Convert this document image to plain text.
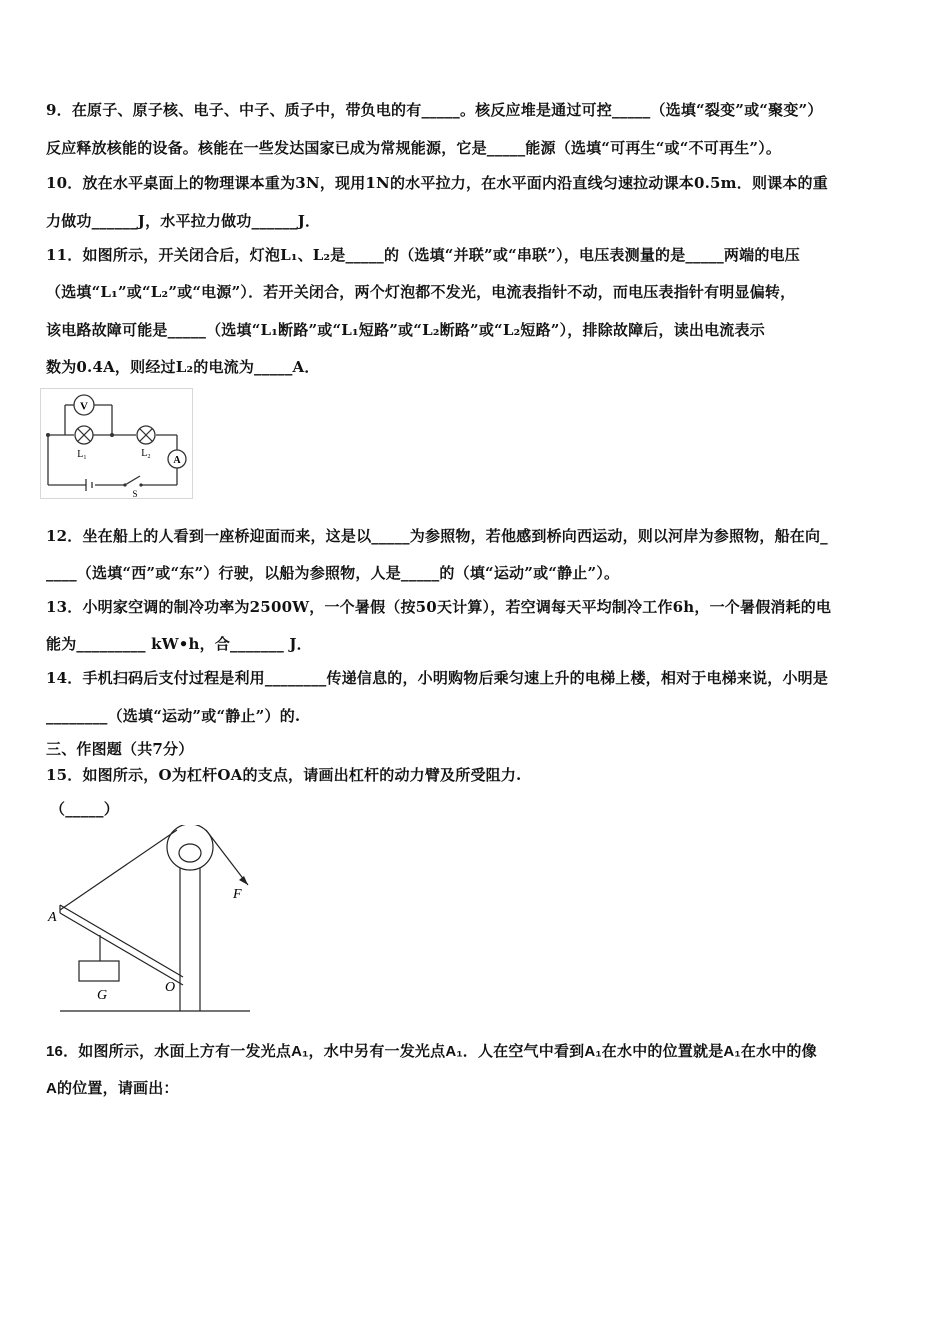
9．在原子、原子核、电子、中子、质子中，带负电的有_____。核反应堆是通过可控_____（选填“裂变”或“聚变”）
反应释放核能的设备。核能在一些发达国家已成为常规能源，它是_____能源（选填“可再生“或“不可再生”）。
10．放在水平桌面上的物理课本重为3N，现用1N的水平拉力，在水平面内沿直线匀速拉动课本0.5m．则课本的重
力做功______J，水平拉力做功______J．
11．如图所示，开关闭合后，灯泡L₁、L₂是_____的（选填“并联”或“串联”），电压表测量的是_____两端的电压
（选填“L₁”或“L₂”或“电源”）．若开关闭合，两个灯泡都不发光，电流表指针不动，而电压表指针有明显偏转，
该电路故障可能是_____（选填“L₁断路”或“L₁短路”或“L₂断路”或“L₂短路”），排除故障后，读出电流表示
数为0.4A，则经过L₂的电流为_____A．
V
L₁	L₂
A
S
12．坐在船上的人看到一座桥迎面而来，这是以_____为参照物，若他感到桥向西运动，则以河岸为参照物，船在向_
____（选填“西”或“东”）行驶，以船为参照物，人是_____的（填“运动”或“静止”）。
13．小明家空调的制冷功率为2500W，一个暑假（按50天计算），若空调每天平均制冷工作6h，一个暑假消耗的电
能为_________ kW•h，合_______ J．
14．手机扫码后支付过程是利用________传递信息的，小明购物后乘匀速上升的电梯上楼，相对于电梯来说，小明是
________（选填“运动”或“静止”）的.
三、作图题（共7分）
15．如图所示，O为杠杆OA的支点，请画出杠杆的动力臂及所受阻力.
（_____）
A
F
G
O
16．如图所示，水面上方有一发光点A₁，水中另有一发光点A₁．人在空气中看到A₁在水中的位置就是A₁在水中的像
A的位置，请画出：
